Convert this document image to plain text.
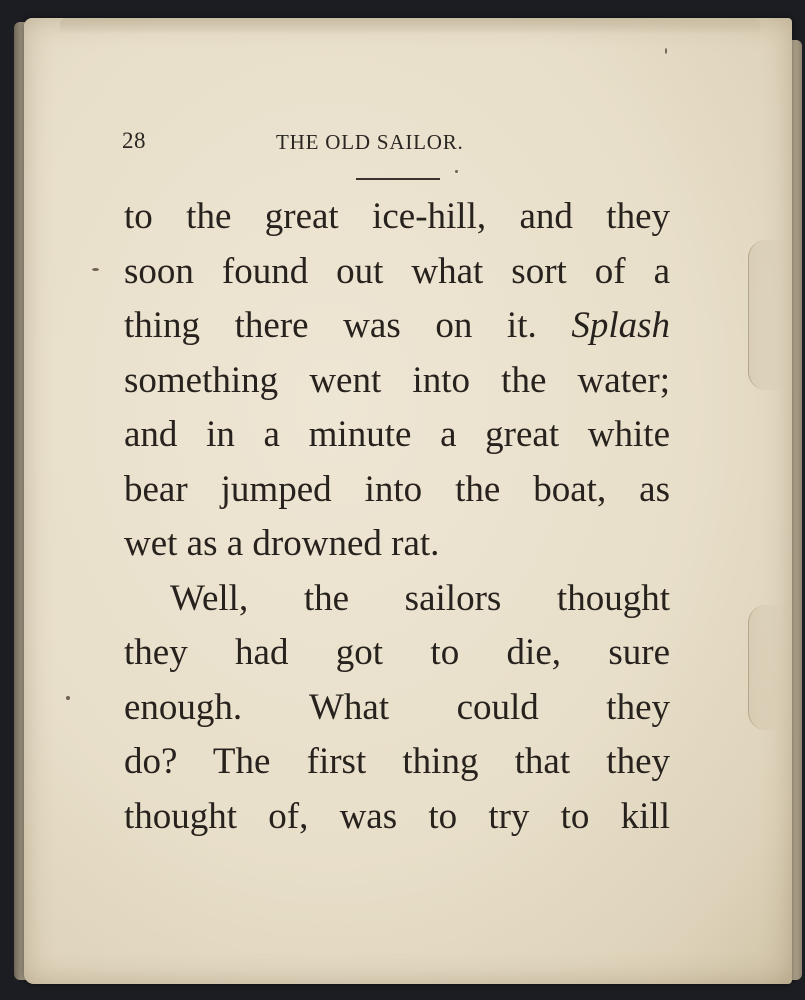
28	THE OLD SAILOR.
to the great ice-hill, and they
soon found out what sort of a
thing there was on it. Splash
something went into the water;
and in a minute a great white
bear jumped into the boat, as
wet as a drowned rat.
Well, the sailors thought
they had got to die, sure
enough. What could they
do? The first thing that they
thought of, was to try to kill
